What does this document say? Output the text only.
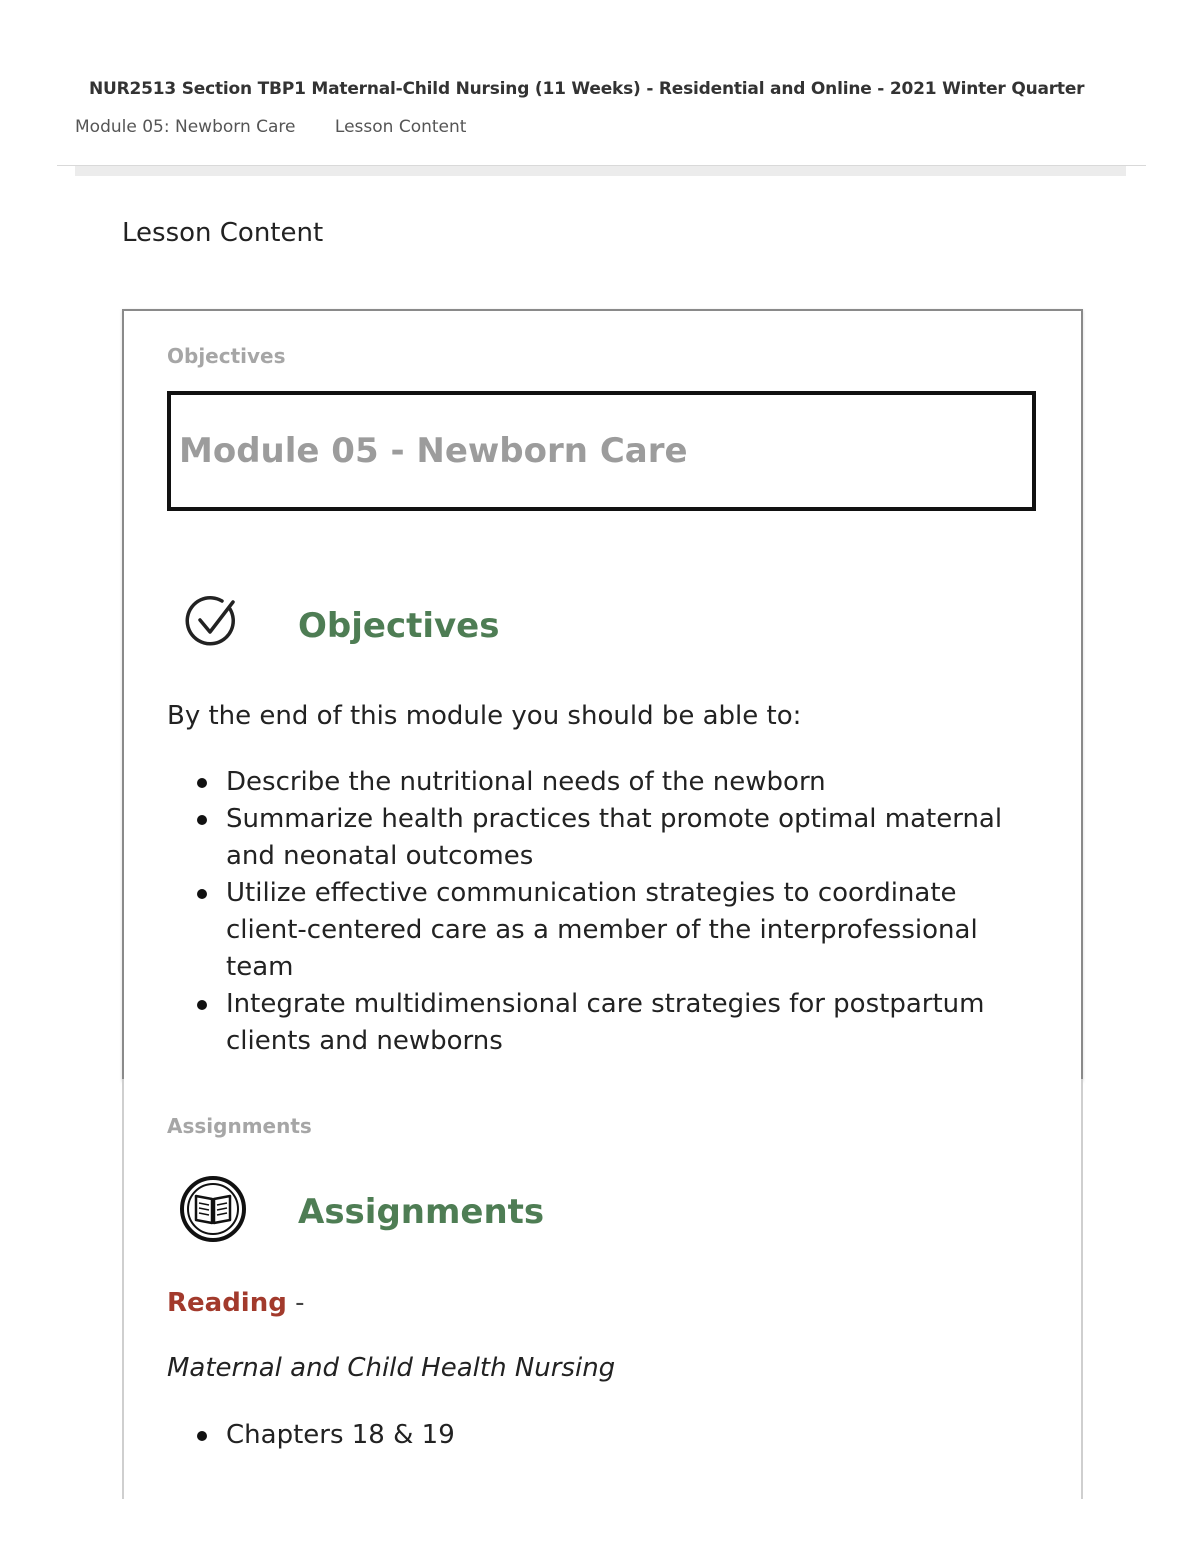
NUR2513 Section TBP1 Maternal-Child Nursing (11 Weeks) - Residential and Online - 2021 Winter Quarter
Module 05: Newborn Care Lesson Content
Lesson Content
Objectives
Module 05 - Newborn Care
Objectives
By the end of this module you should be able to:
Describe the nutritional needs of the newborn
Summarize health practices that promote optimal maternal and neonatal outcomes
Utilize effective communication strategies to coordinate client-centered care as a member of the interprofessional team
Integrate multidimensional care strategies for postpartum clients and newborns
Assignments
Assignments
Reading -
Maternal and Child Health Nursing
Chapters 18 & 19
